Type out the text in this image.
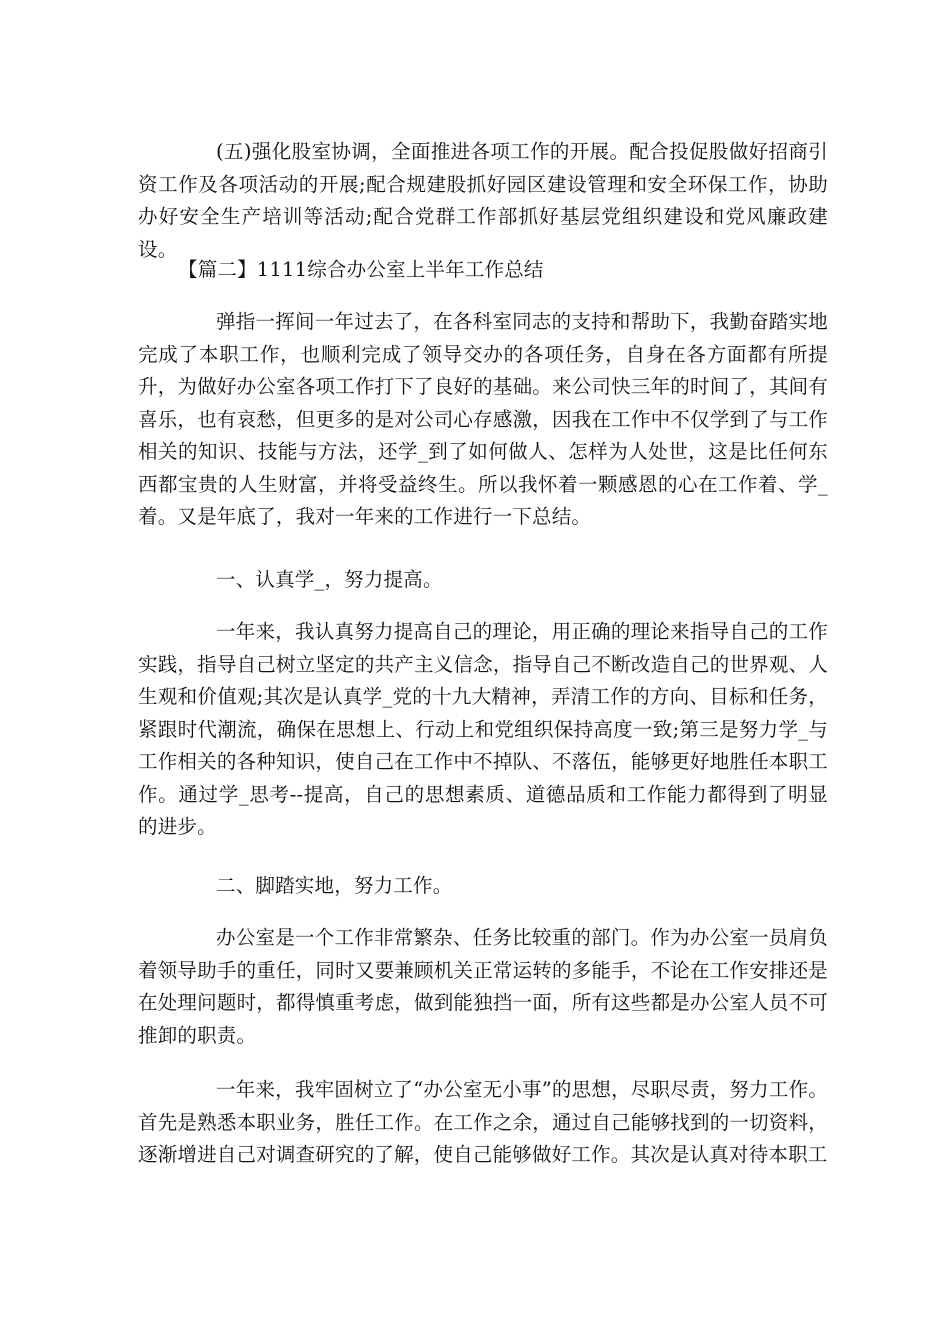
(五)强化股室协调，全面推进各项工作的开展。配合投促股做好招商引资工作及各项活动的开展;配合规建股抓好园区建设管理和安全环保工作，协助办好安全生产培训等活动;配合党群工作部抓好基层党组织建设和党风廉政建设。

【篇二】1111综合办公室上半年工作总结

弹指一挥间一年过去了，在各科室同志的支持和帮助下，我勤奋踏实地完成了本职工作，也顺利完成了领导交办的各项任务，自身在各方面都有所提升，为做好办公室各项工作打下了良好的基础。来公司快三年的时间了，其间有喜乐，也有哀愁，但更多的是对公司心存感激，因我在工作中不仅学到了与工作相关的知识、技能与方法，还学_到了如何做人、怎样为人处世，这是比任何东西都宝贵的人生财富，并将受益终生。所以我怀着一颗感恩的心在工作着、学_着。又是年底了，我对一年来的工作进行一下总结。

一、认真学_，努力提高。

一年来，我认真努力提高自己的理论，用正确的理论来指导自己的工作实践，指导自己树立坚定的共产主义信念，指导自己不断改造自己的世界观、人生观和价值观;其次是认真学_党的十九大精神，弄清工作的方向、目标和任务，紧跟时代潮流，确保在思想上、行动上和党组织保持高度一致;第三是努力学_与工作相关的各种知识，使自己在工作中不掉队、不落伍，能够更好地胜任本职工作。通过学_思考--提高，自己的思想素质、道德品质和工作能力都得到了明显的进步。

二、脚踏实地，努力工作。

办公室是一个工作非常繁杂、任务比较重的部门。作为办公室一员肩负着领导助手的重任，同时又要兼顾机关正常运转的多能手，不论在工作安排还是在处理问题时，都得慎重考虑，做到能独挡一面，所有这些都是办公室人员不可推卸的职责。

一年来，我牢固树立了“办公室无小事”的思想，尽职尽责，努力工作。首先是熟悉本职业务，胜任工作。在工作之余，通过自己能够找到的一切资料，逐渐增进自己对调查研究的了解，使自己能够做好工作。其次是认真对待本职工
